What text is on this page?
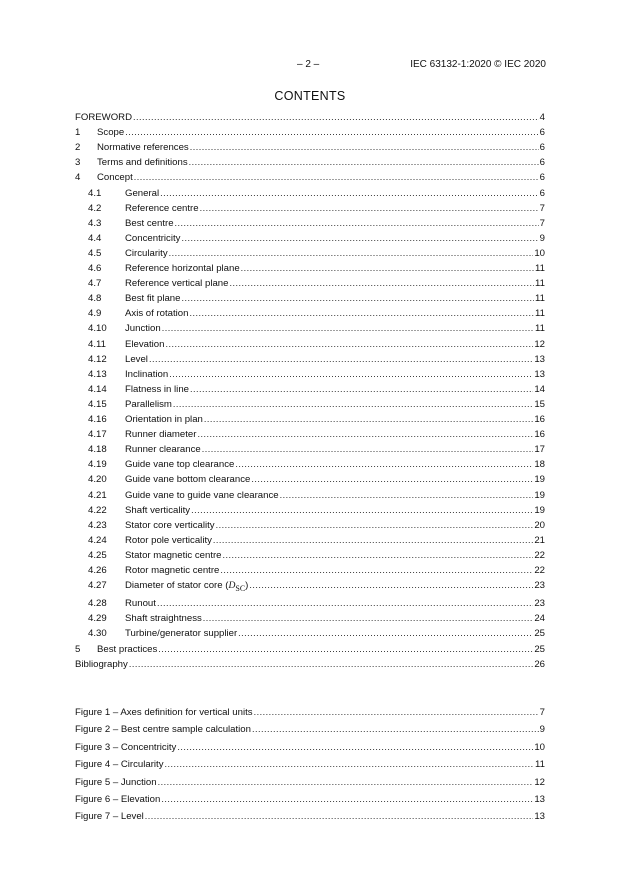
– 2 –	IEC 63132-1:2020 © IEC 2020
CONTENTS
FOREWORD .....	4
1	Scope .....	6
2	Normative references .....	6
3	Terms and definitions .....	6
4	Concept .....	6
4.1	General .....	6
4.2	Reference centre .....	7
4.3	Best centre .....	7
4.4	Concentricity .....	9
4.5	Circularity .....	10
4.6	Reference horizontal plane .....	11
4.7	Reference vertical plane .....	11
4.8	Best fit plane .....	11
4.9	Axis of rotation .....	11
4.10	Junction .....	11
4.11	Elevation .....	12
4.12	Level .....	13
4.13	Inclination .....	13
4.14	Flatness in line .....	14
4.15	Parallelism .....	15
4.16	Orientation in plan .....	16
4.17	Runner diameter .....	16
4.18	Runner clearance .....	17
4.19	Guide vane top clearance .....	18
4.20	Guide vane bottom clearance .....	19
4.21	Guide vane to guide vane clearance .....	19
4.22	Shaft verticality .....	19
4.23	Stator core verticality .....	20
4.24	Rotor pole verticality .....	21
4.25	Stator magnetic centre .....	22
4.26	Rotor magnetic centre .....	22
4.27	Diameter of stator core $(D_{SC})$ .....	23
4.28	Runout .....	23
4.29	Shaft straightness .....	24
4.30	Turbine/generator supplier .....	25
5	Best practices .....	25
Bibliography .....	26
Figure 1 – Axes definition for vertical units .....	7
Figure 2 – Best centre sample calculation .....	9
Figure 3 – Concentricity .....	10
Figure 4 – Circularity .....	11
Figure 5 – Junction .....	12
Figure 6 – Elevation .....	13
Figure 7 – Level .....	13
